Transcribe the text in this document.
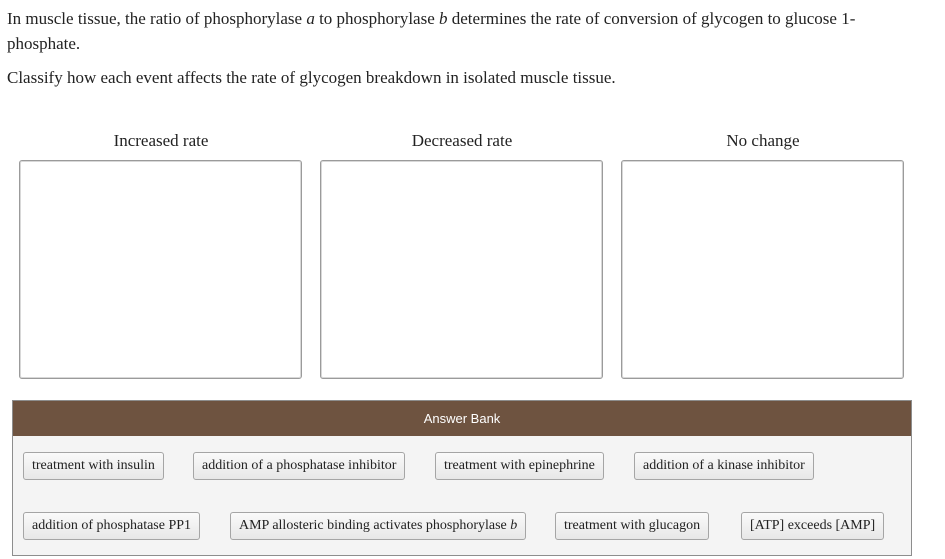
In muscle tissue, the ratio of phosphorylase a to phosphorylase b determines the rate of conversion of glycogen to glucose 1-phosphate.

Classify how each event affects the rate of glycogen breakdown in isolated muscle tissue.

Increased rate	Decreased rate	No change
Answer Bank
treatment with insulin	addition of a phosphatase inhibitor	treatment with epinephrine	addition of a kinase inhibitor
addition of phosphatase PP1	AMP allosteric binding activates phosphorylase b	treatment with glucagon	[ATP] exceeds [AMP]
